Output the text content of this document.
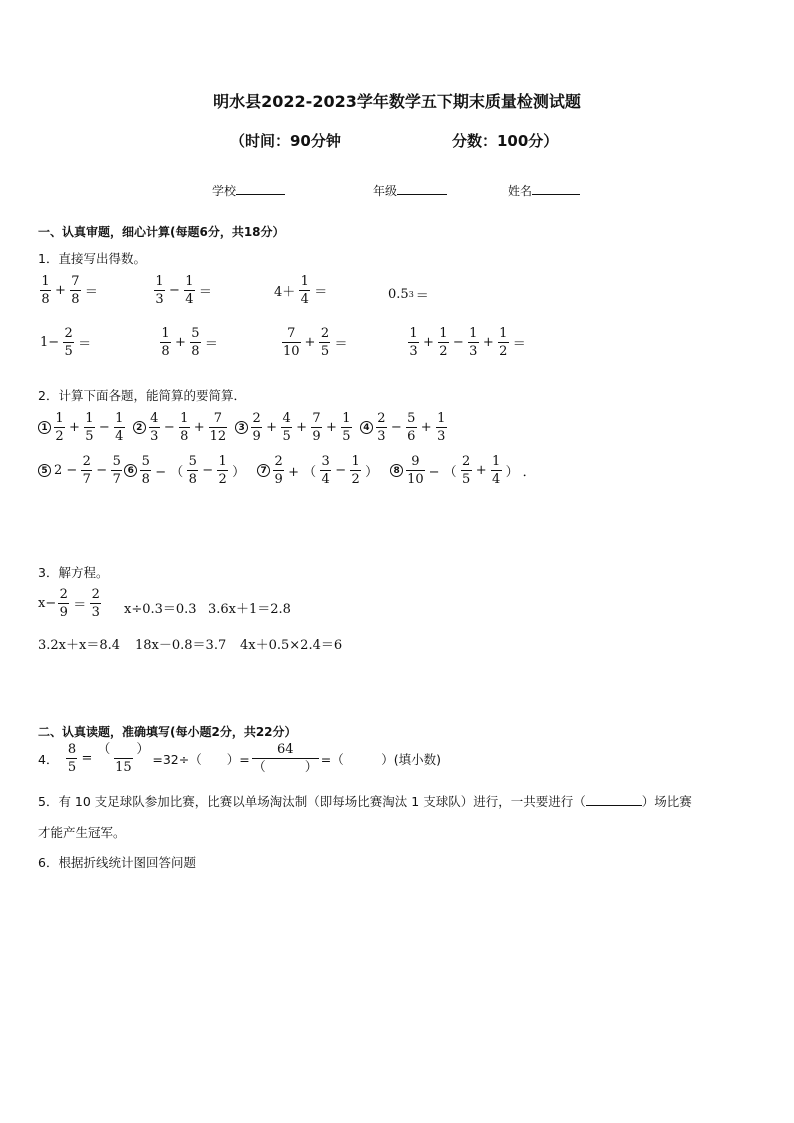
明水县2022-2023学年数学五下期末质量检测试题
（时间：90分钟	分数：100分）
学校	年级	姓名
一、认真审题，细心计算(每题6分，共18分）
1．直接写出得数。
$\frac{1}{8} + \frac{7}{8}$ ＝	$\frac{1}{3} - \frac{1}{4}$ ＝	$4+ \frac{1}{4}$ ＝	0.5 3 ＝
$1- \frac{2}{5}$ ＝	$\frac{1}{8} + \frac{5}{8}$ ＝	$\frac{7}{10} + \frac{2}{5}$ ＝	$\frac{1}{3} + \frac{1}{2} - \frac{1}{3} + \frac{1}{2}$ ＝
2．计算下面各题，能简算的要简算．
$1 \frac{1}{2} + \frac{1}{5} - \frac{1}{4}$	$2 \frac{4}{3} - \frac{1}{8} + \frac{7}{12}$	$3 \frac{2}{9} + \frac{4}{5} + \frac{7}{9} + \frac{1}{5}$	$4 \frac{2}{3} - \frac{5}{6} + \frac{1}{3}$
5 $2 - \frac{2}{7} - \frac{5}{7} 6 \frac{5}{8}$ − （ $\frac{5}{8} - \frac{1}{2}$ ）	$7 \frac{2}{9}$ + （ $\frac{3}{4} - \frac{1}{2}$ ）	$8 \frac{9}{10}$ − （ $\frac{2}{5} + \frac{1}{4}$ ） ．
3．解方程。
$x- \frac{2}{9} = \frac{2}{3} x\div 0.3=0.3$ 3.6x＋1＝2.8
3.2x＋x＝8.4 18x－0.8＝3.7 4x＋0.5×2.4＝6
二、认真读题，准确填写(每小题2分，共22分）
4． $\frac{8}{5} = \frac{( )}{15} =32\div$（　　）= $\frac{64}{( )}$ =（　　　）(填小数)
5．有 10 支足球队参加比赛，比赛以单场淘汰制（即每场比赛淘汰 1 支球队）进行，一共要进行（	）场比赛
才能产生冠军。
6．根据折线统计图回答问题
